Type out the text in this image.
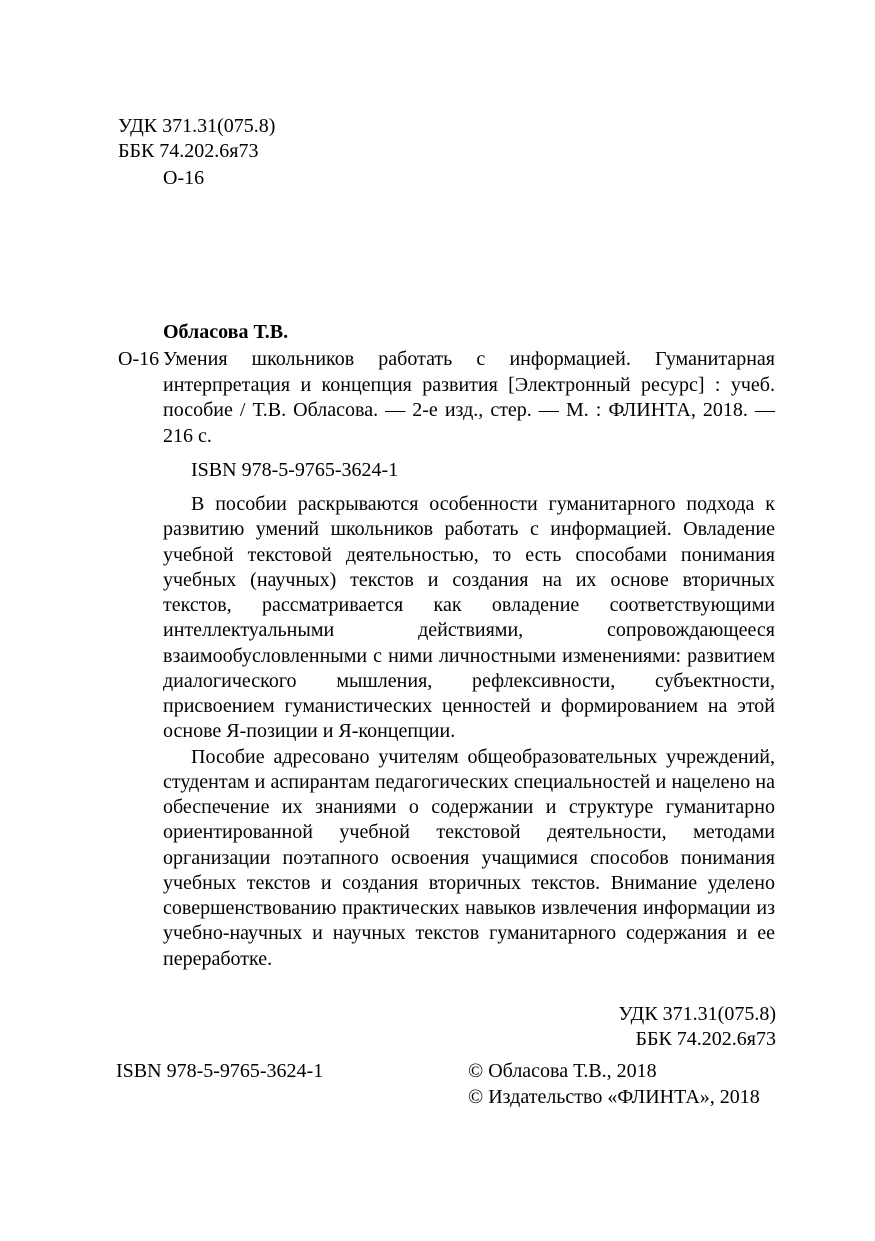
УДК 371.31(075.8)
ББК 74.202.6я73
О-16
Обласова Т.В.
О-16 Умения школьников работать с информацией. Гуманитарная интерпретация и концепция развития [Электронный ресурс] : учеб. пособие / Т.В. Обласова. — 2-е изд., стер. — М. : ФЛИНТА, 2018. — 216 с.
ISBN 978-5-9765-3624-1

В пособии раскрываются особенности гуманитарного подхода к развитию умений школьников работать с информацией. Овладение учебной текстовой деятельностью, то есть способами понимания учебных (научных) текстов и создания на их основе вторичных текстов, рассматривается как овладение соответствующими интеллектуальными действиями, сопровождающееся взаимообусловленными с ними личностными изменениями: развитием диалогического мышления, рефлексивности, субъектности, присвоением гуманистических ценностей и формированием на этой основе Я-позиции и Я-концепции.

Пособие адресовано учителям общеобразовательных учреждений, студентам и аспирантам педагогических специальностей и нацелено на обеспечение их знаниями о содержании и структуре гуманитарно ориентированной учебной текстовой деятельности, методами организации поэтапного освоения учащимися способов понимания учебных текстов и создания вторичных текстов. Внимание уделено совершенствованию практических навыков извлечения информации из учебно-научных и научных текстов гуманитарного содержания и ее переработке.

УДК 371.31(075.8)
ББК 74.202.6я73
ISBN 978-5-9765-3624-1	© Обласова Т.В., 2018
© Издательство «ФЛИНТА», 2018
